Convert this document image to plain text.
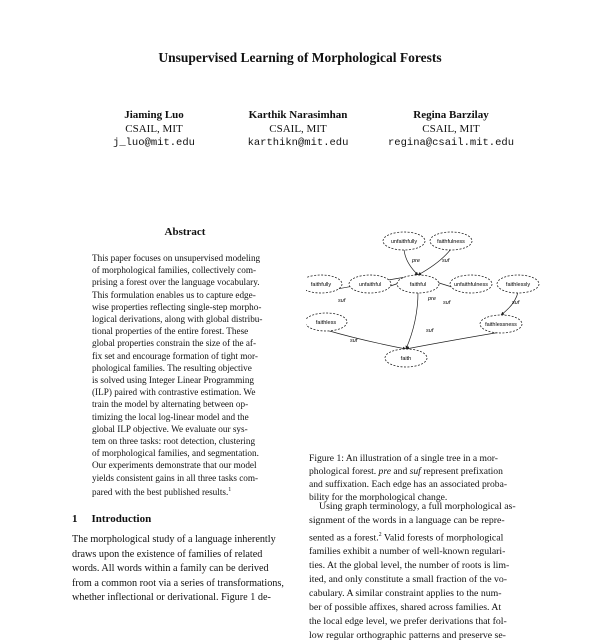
Unsupervised Learning of Morphological Forests
Jiaming Luo
CSAIL, MIT
j_luo@mit.edu
Karthik Narasimhan
CSAIL, MIT
karthikn@mit.edu
Regina Barzilay
CSAIL, MIT
regina@csail.mit.edu
Abstract
This paper focuses on unsupervised modeling
of morphological families, collectively com-
prising a forest over the language vocabulary.
This formulation enables us to capture edge-
wise properties reflecting single-step morpho-
logical derivations, along with global distribu-
tional properties of the entire forest. These
global properties constrain the size of the af-
fix set and encourage formation of tight mor-
phological families. The resulting objective
is solved using Integer Linear Programming
(ILP) paired with contrastive estimation. We
train the model by alternating between op-
timizing the local log-linear model and the
global ILP objective. We evaluate our sys-
tem on three tasks: root detection, clustering
of morphological families, and segmentation.
Our experiments demonstrate that our model
yields consistent gains in all three tasks com-
pared with the best published results.$^1$
1 Introduction
The morphological study of a language inherently
draws upon the existence of families of related
words. All words within a family can be derived
from a common root via a series of transformations,
whether inflectional or derivational. Figure 1 de-
pre	suf
suf	pre
suf	suf
suf
suf
unfaithfully	faithfulness
faithfully	unfaithful	faithful	unfaithfulness	faithlessly
faithless
faith
faithlessness
Figure 1: An illustration of a single tree in a mor-
phological forest. pre and suf represent prefixation
and suffixation. Each edge has an associated proba-
bility for the morphological change.
Using graph terminology, a full morphological as-
signment of the words in a language can be repre-
sented as a forest.$^2$ Valid forests of morphological
families exhibit a number of well-known regulari-
ties. At the global level, the number of roots is lim-
ited, and only constitute a small fraction of the vo-
cabulary. A similar constraint applies to the num-
ber of possible affixes, shared across families. At
the local edge level, we prefer derivations that fol-
low regular orthographic patterns and preserve se-
